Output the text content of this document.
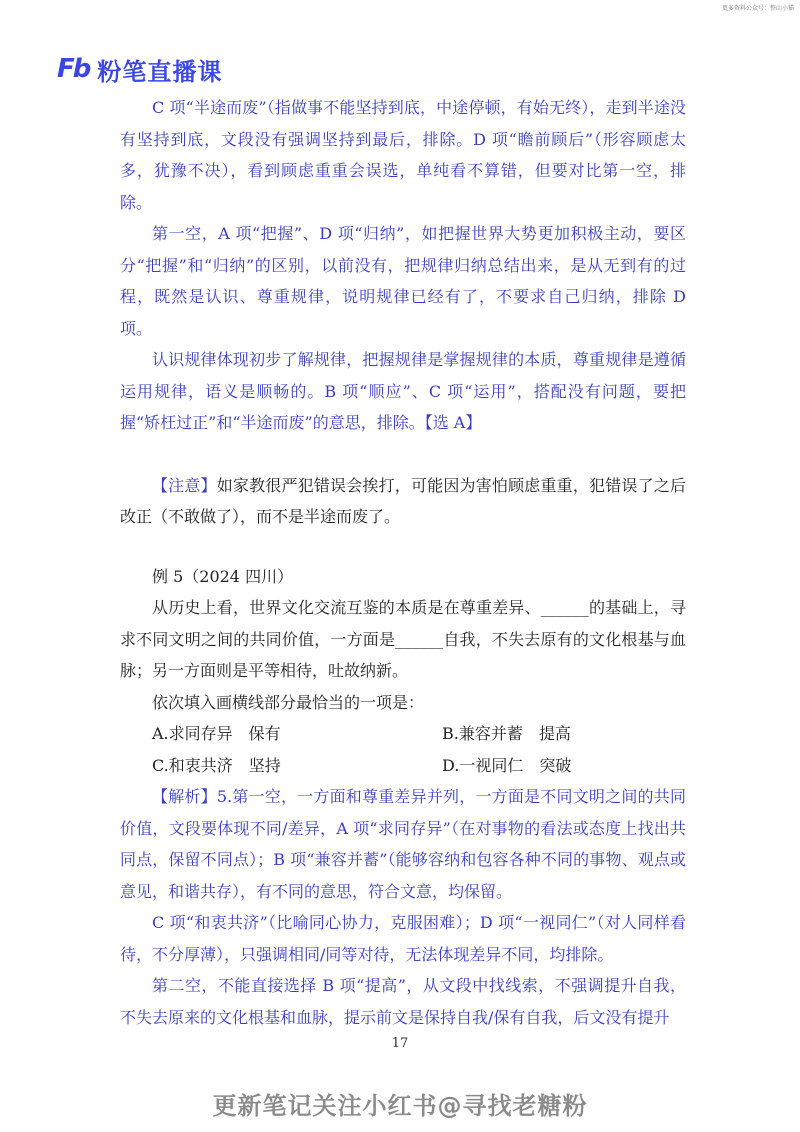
更多资料公众号：整山小猫
Fb 粉笔直播课

C 项“半途而废”（指做事不能坚持到底，中途停顿，有始无终），走到半途没有坚持到底，文段没有强调坚持到最后，排除。D 项“瞻前顾后”（形容顾虑太多，犹豫不决），看到顾虑重重会误选，单纯看不算错，但要对比第一空，排除。

第一空，A 项“把握”、D 项“归纳”，如把握世界大势更加积极主动，要区分“把握”和“归纳”的区别，以前没有，把规律归纳总结出来，是从无到有的过程，既然是认识、尊重规律，说明规律已经有了，不要求自己归纳，排除 D 项。

认识规律体现初步了解规律，把握规律是掌握规律的本质，尊重规律是遵循运用规律，语义是顺畅的。B 项“顺应”、C 项“运用”，搭配没有问题，要把握“矫枉过正”和“半途而废”的意思，排除。【选 A】

【注意】如家教很严犯错误会挨打，可能因为害怕顾虑重重，犯错误了之后改正（不敢做了），而不是半途而废了。

例 5（2024 四川）

从历史上看，世界文化交流互鉴的本质是在尊重差异、______的基础上，寻求不同文明之间的共同价值，一方面是______自我，不失去原有的文化根基与血脉；另一方面则是平等相待，吐故纳新。

依次填入画横线部分最恰当的一项是：

A.求同存异　保有	B.兼容并蓄　提高
C.和衷共济　坚持	D.一视同仁　突破

【解析】5.第一空，一方面和尊重差异并列，一方面是不同文明之间的共同价值，文段要体现不同/差异，A 项“求同存异”（在对事物的看法或态度上找出共同点，保留不同点）；B 项“兼容并蓄”（能够容纳和包容各种不同的事物、观点或意见，和谐共存），有不同的意思，符合文意，均保留。

C 项“和衷共济”（比喻同心协力，克服困难）；D 项“一视同仁”（对人同样看待，不分厚薄），只强调相同/同等对待，无法体现差异不同，均排除。

第二空，不能直接选择 B 项“提高”，从文段中找线索，不强调提升自我，不失去原来的文化根基和血脉，提示前文是保持自我/保有自我，后文没有提升

17
更新笔记关注小红书@寻找老糖粉
